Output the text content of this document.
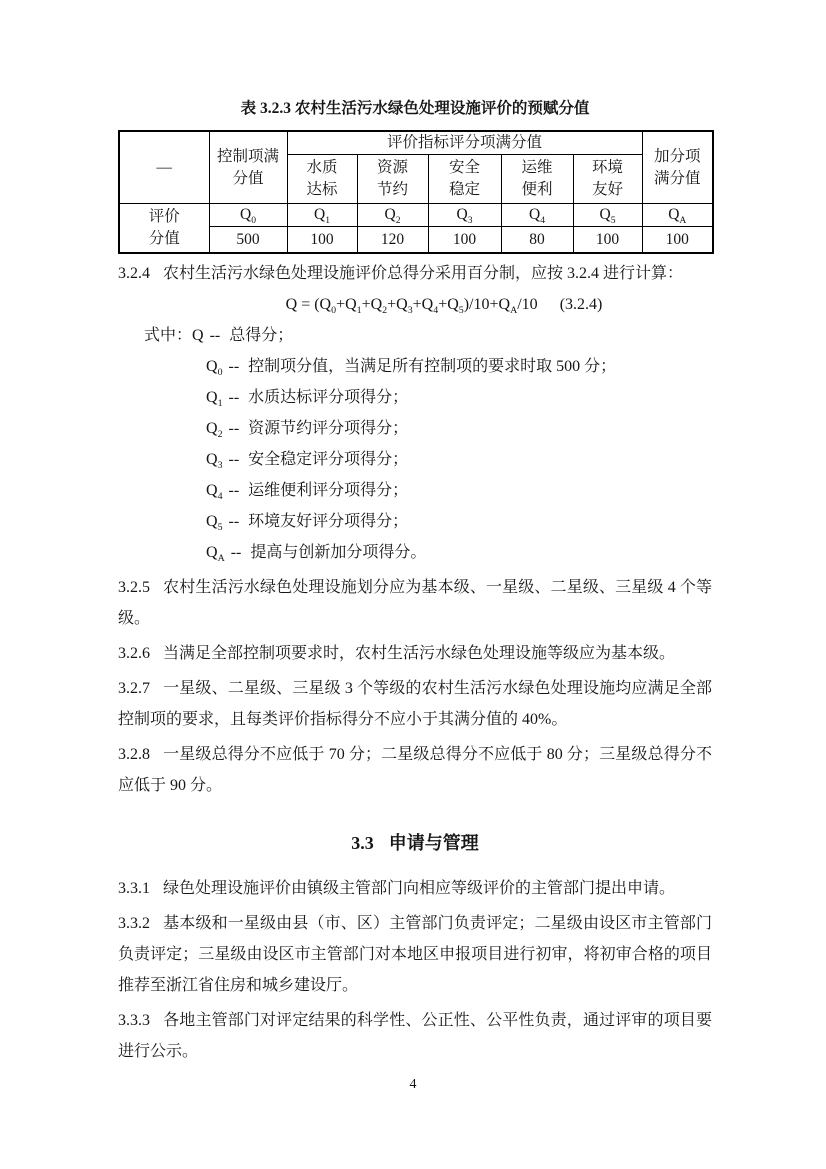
表 3.2.3 农村生活污水绿色处理设施评价的预赋分值
—	控制项满分值	评价指标评分项满分值					加分项满分值
		水质达标	资源节约	安全稳定	运维便利	环境友好	
评价分值	$Q_0$	$Q_1$	$Q_2$	$Q_3$	$Q_4$	$Q_5$	$Q_A$
	500	100	120	100	80	100	100

3.2.4 农村生活污水绿色处理设施评价总得分采用百分制，应按 3.2.4 进行计算：

$Q = (Q_0+Q_1+Q_2+Q_3+Q_4+Q_5)/10+Q_A/10$ (3.2.4)
式中：Q -- 总得分；
$Q_0$ -- 控制项分值，当满足所有控制项的要求时取 500 分；
$Q_1$ -- 水质达标评分项得分；
$Q_2$ -- 资源节约评分项得分；
$Q_3$ -- 安全稳定评分项得分；
$Q_4$ -- 运维便利评分项得分；
$Q_5$ -- 环境友好评分项得分；
$Q_A$ -- 提高与创新加分项得分。

3.2.5 农村生活污水绿色处理设施划分应为基本级、一星级、二星级、三星级 4 个等级。

3.2.6 当满足全部控制项要求时，农村生活污水绿色处理设施等级应为基本级。

3.2.7 一星级、二星级、三星级 3 个等级的农村生活污水绿色处理设施均应满足全部控制项的要求，且每类评价指标得分不应小于其满分值的 40%。

3.2.8 一星级总得分不应低于 70 分；二星级总得分不应低于 80 分；三星级总得分不应低于 90 分。

3.3 申请与管理

3.3.1 绿色处理设施评价由镇级主管部门向相应等级评价的主管部门提出申请。

3.3.2 基本级和一星级由县（市、区）主管部门负责评定；二星级由设区市主管部门负责评定；三星级由设区市主管部门对本地区申报项目进行初审，将初审合格的项目推荐至浙江省住房和城乡建设厅。

3.3.3 各地主管部门对评定结果的科学性、公正性、公平性负责，通过评审的项目要进行公示。

4
